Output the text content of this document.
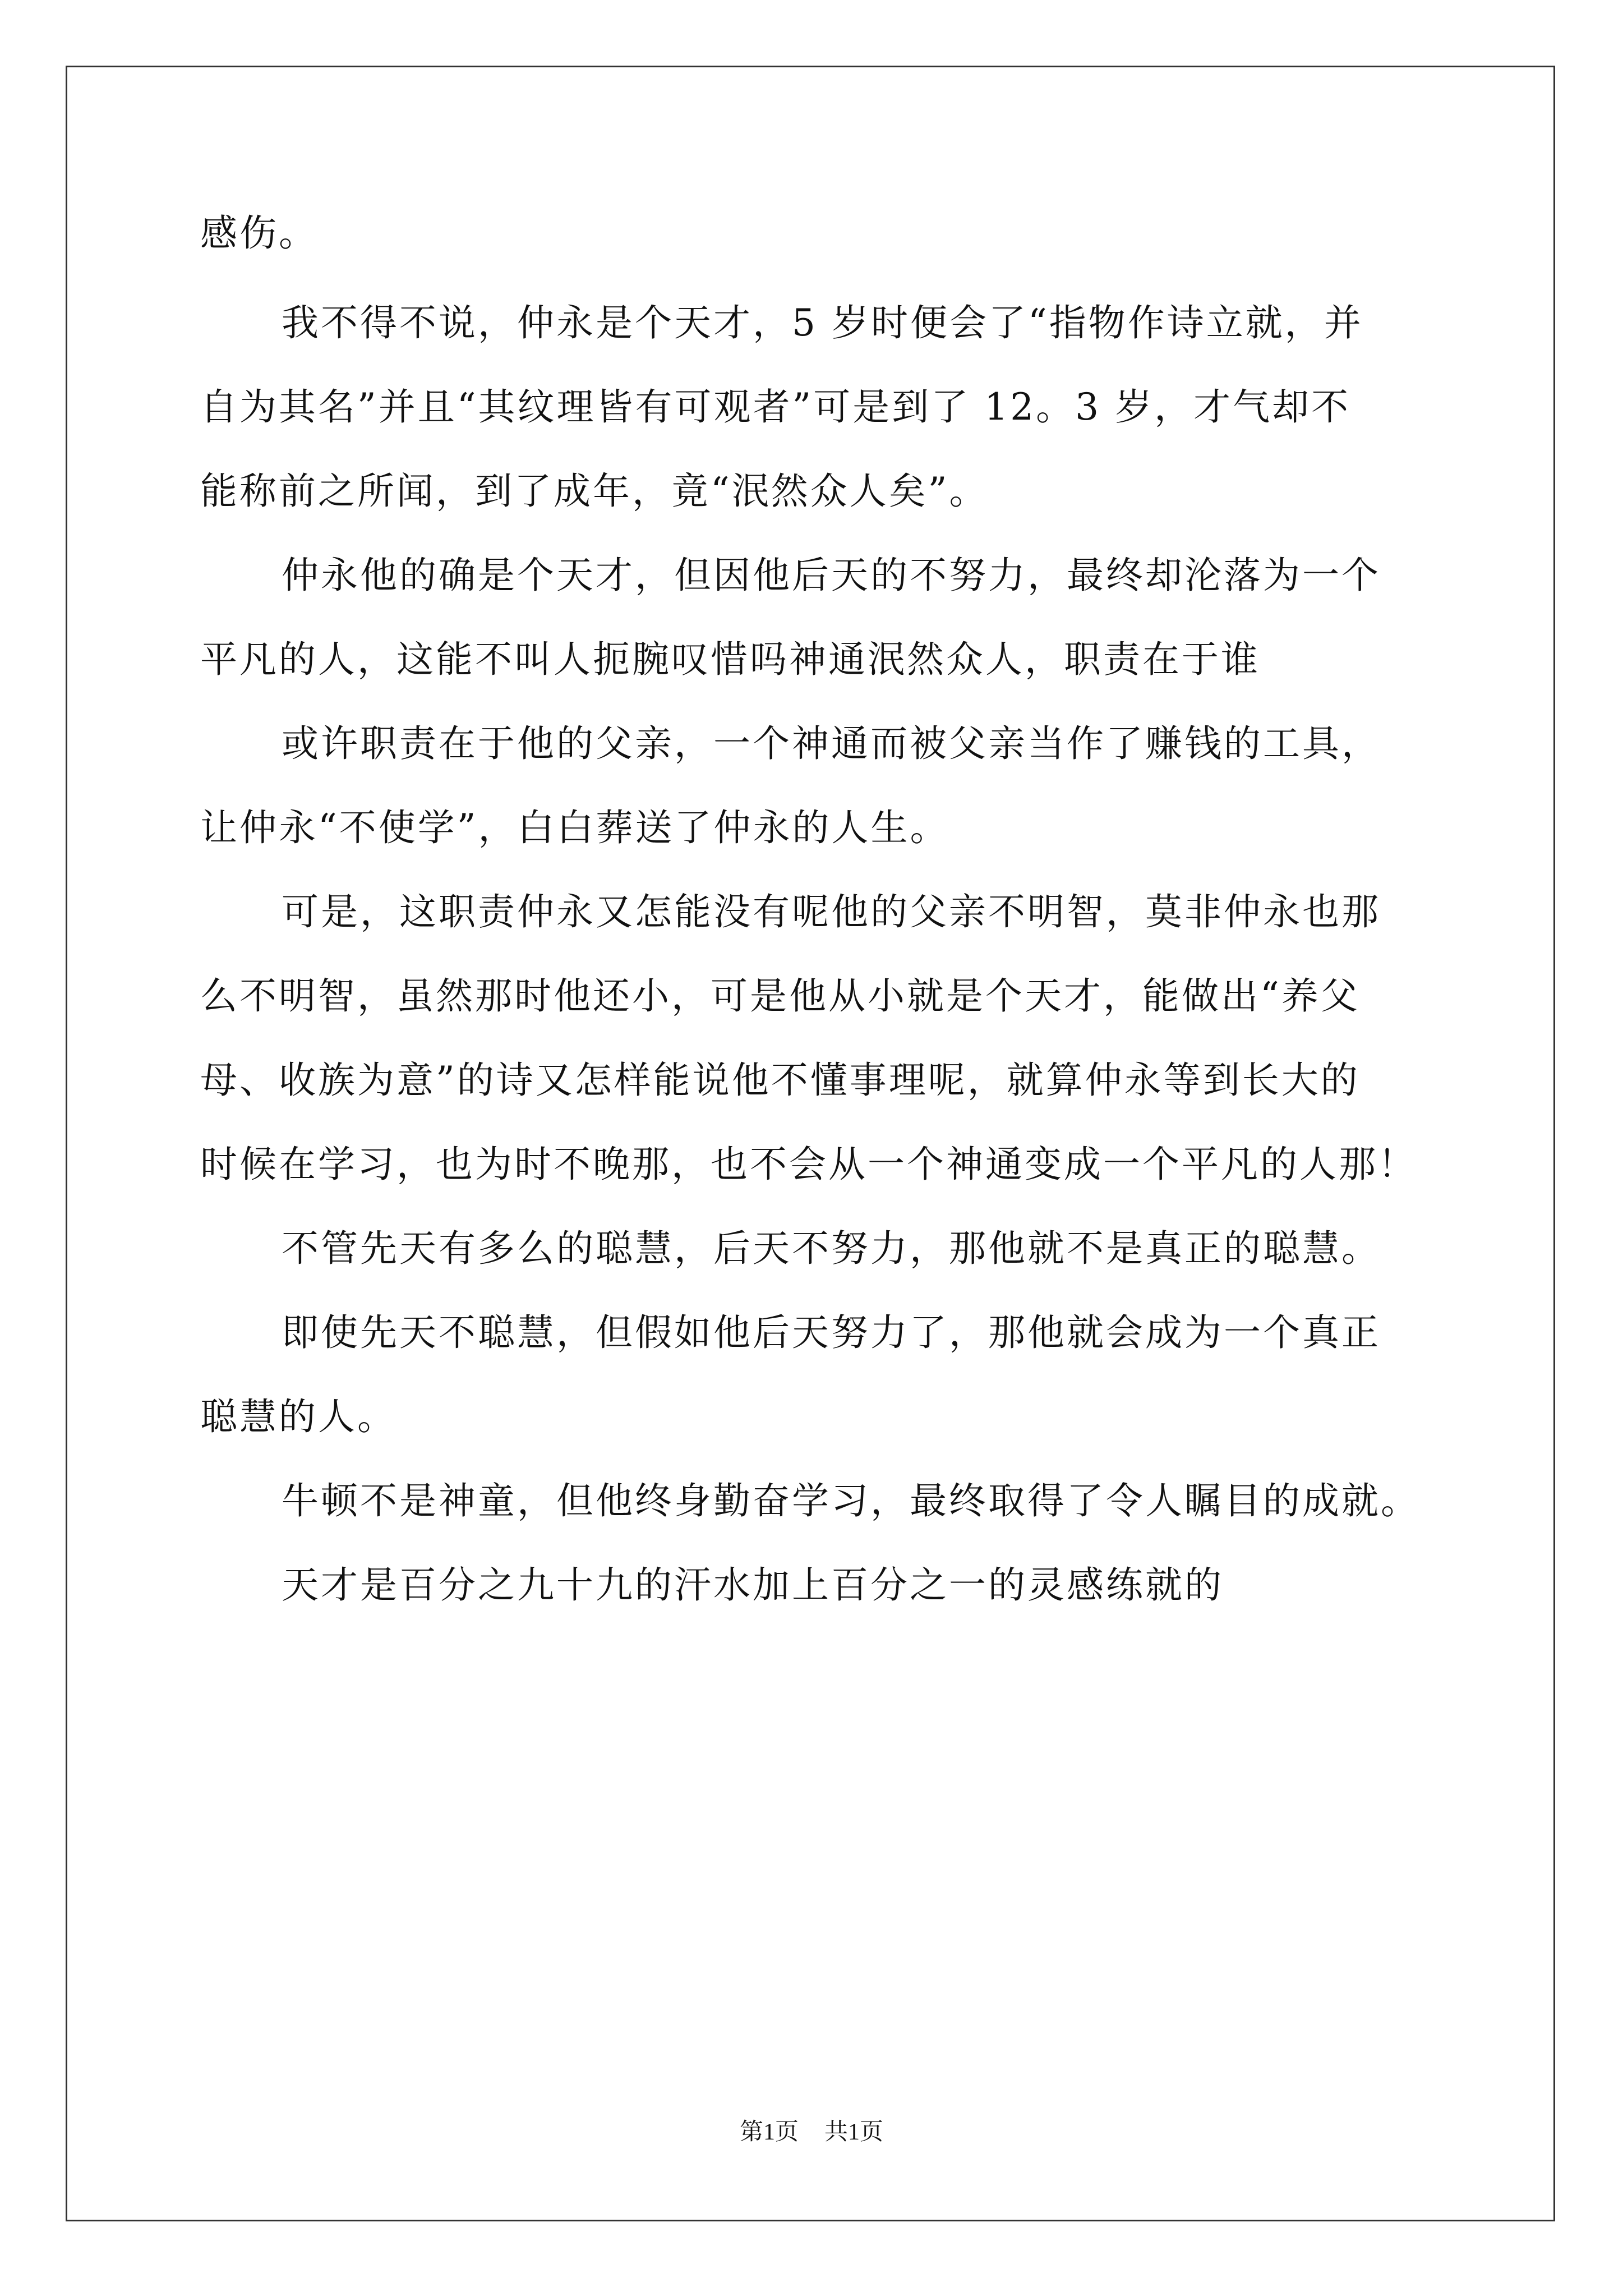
感伤。
我不得不说，仲永是个天才，5 岁时便会了“指物作诗立就，并
自为其名”并且“其纹理皆有可观者”可是到了 12。3 岁，才气却不
能称前之所闻，到了成年，竟“泯然众人矣”。
仲永他的确是个天才，但因他后天的不努力，最终却沦落为一个
平凡的人，这能不叫人扼腕叹惜吗神通泯然众人，职责在于谁
或许职责在于他的父亲，一个神通而被父亲当作了赚钱的工具，
让仲永“不使学”，白白葬送了仲永的人生。
可是，这职责仲永又怎能没有呢他的父亲不明智，莫非仲永也那
么不明智，虽然那时他还小，可是他从小就是个天才，能做出“养父
母、收族为意”的诗又怎样能说他不懂事理呢，就算仲永等到长大的
时候在学习，也为时不晚那，也不会从一个神通变成一个平凡的人那！
不管先天有多么的聪慧，后天不努力，那他就不是真正的聪慧。
即使先天不聪慧，但假如他后天努力了，那他就会成为一个真正
聪慧的人。
牛顿不是神童，但他终身勤奋学习，最终取得了令人瞩目的成就。
天才是百分之九十九的汗水加上百分之一的灵感练就的
第1页 共1页
